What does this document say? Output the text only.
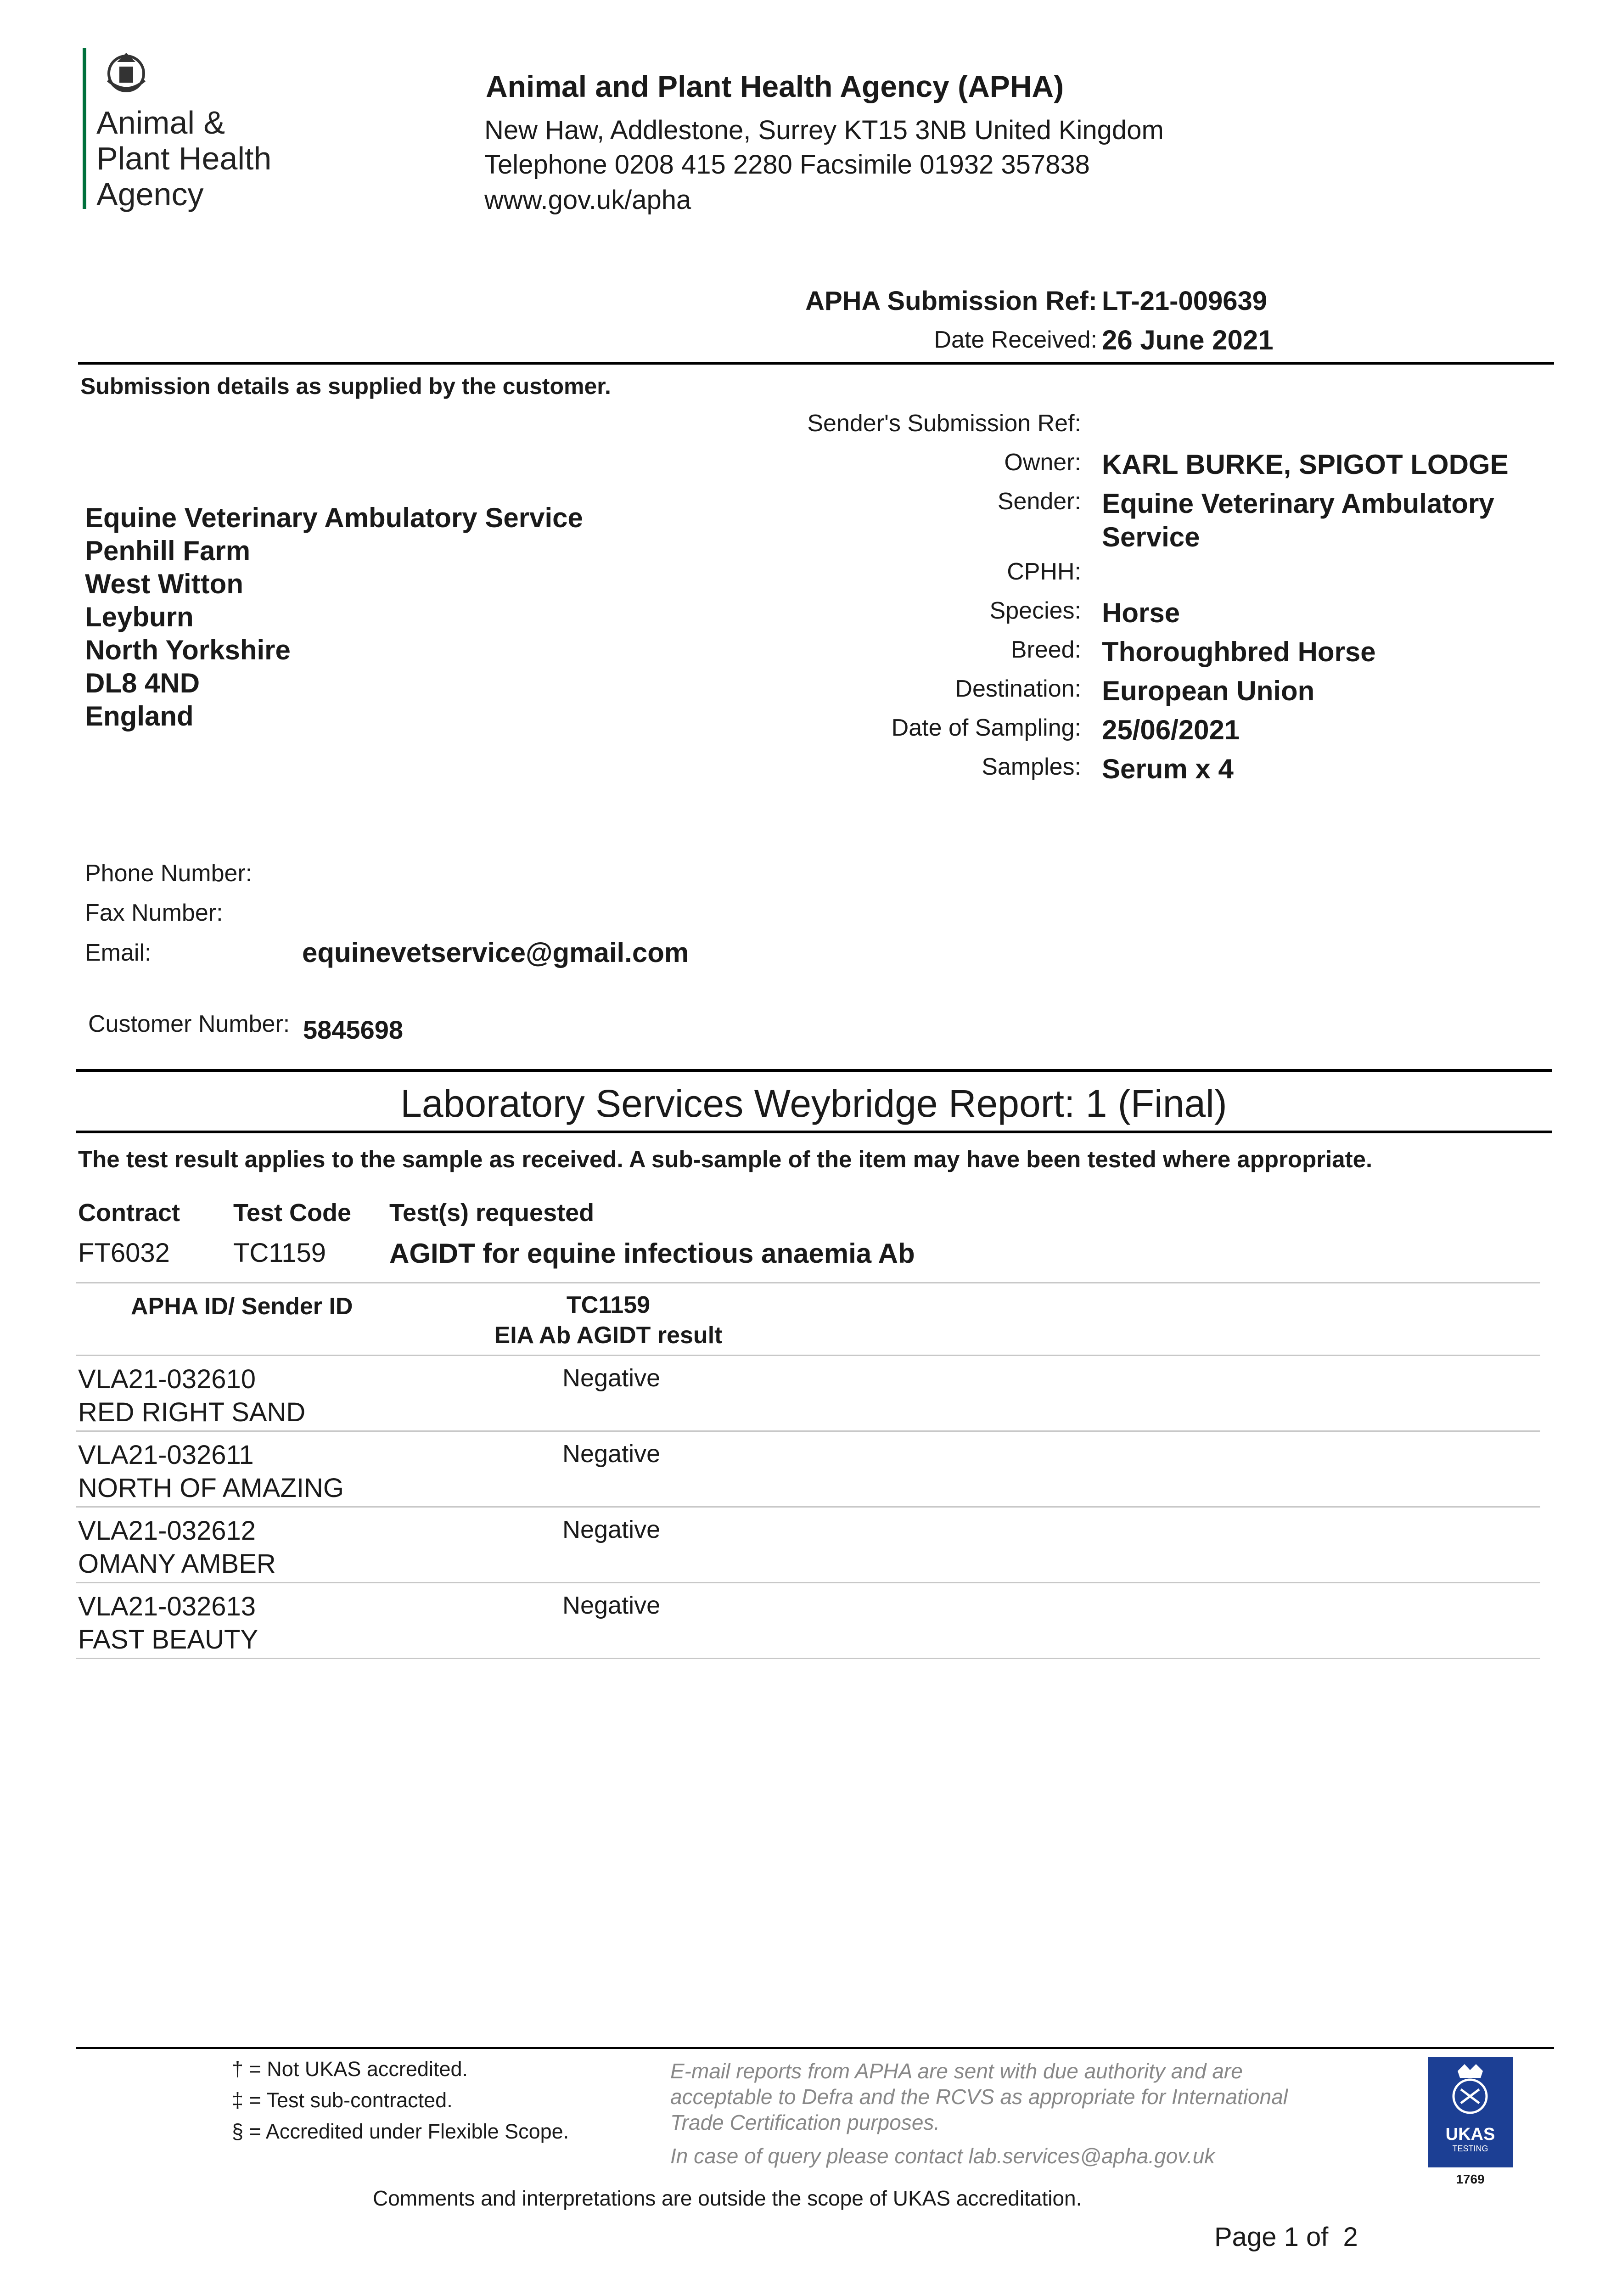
Animal &
Plant Health
Agency
Animal and Plant Health Agency (APHA)
New Haw, Addlestone, Surrey KT15 3NB United Kingdom
Telephone 0208 415 2280 Facsimile 01932 357838
www.gov.uk/apha
APHA Submission Ref: LT-21-009639
Date Received: 26 June 2021
Submission details as supplied by the customer.
Equine Veterinary Ambulatory Service
Penhill Farm
West Witton
Leyburn
North Yorkshire
DL8 4ND
England
Sender's Submission Ref:
Owner: KARL BURKE, SPIGOT LODGE
Sender: Equine Veterinary Ambulatory
Service
CPHH:
Species: Horse
Breed: Thoroughbred Horse
Destination: European Union
Date of Sampling: 25/06/2021
Samples: Serum x 4
Phone Number:
Fax Number:
Email:	equinevetservice@gmail.com
Customer Number: 5845698
Laboratory Services Weybridge Report: 1 (Final)
The test result applies to the sample as received. A sub-sample of the item may have been tested where appropriate.
Contract Test Code Test(s) requested
FT6032 TC1159 AGIDT for equine infectious anaemia Ab
APHA ID/ Sender ID	TC1159
EIA Ab AGIDT result
VLA21-032610
RED RIGHT SAND
Negative
VLA21-032611
NORTH OF AMAZING
Negative
VLA21-032612
OMANY AMBER
Negative
VLA21-032613
FAST BEAUTY
Negative
† = Not UKAS accredited.
‡ = Test sub-contracted.
§ = Accredited under Flexible Scope.
E-mail reports from APHA are sent with due authority and are
acceptable to Defra and the RCVS as appropriate for International
Trade Certification purposes.
In case of query please contact lab.services@apha.gov.uk
UKAS
TESTING
1769
Comments and interpretations are outside the scope of UKAS accreditation.
Page 1 of  2
